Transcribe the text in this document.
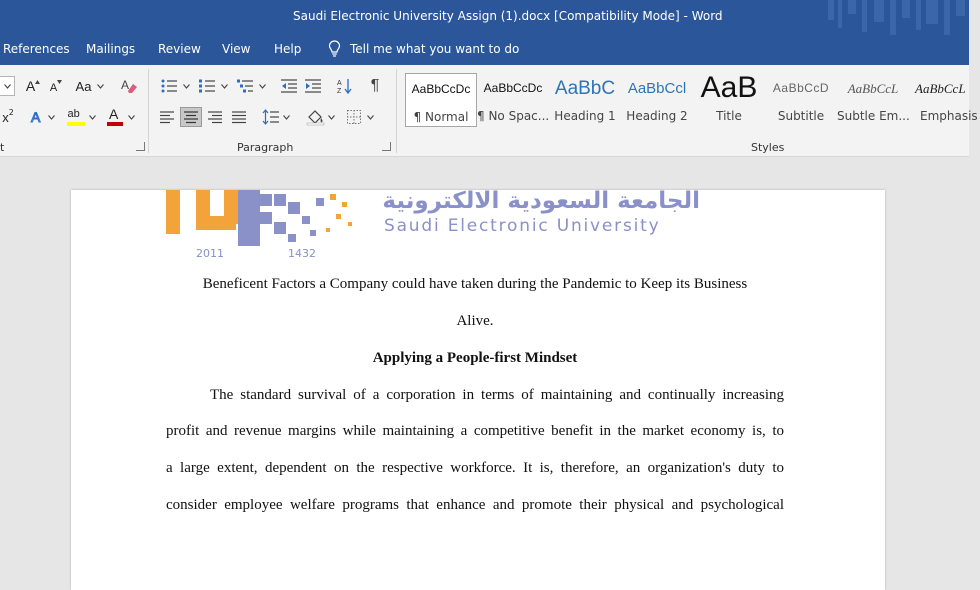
Saudi Electronic University Assign (1).docx [Compatibility Mode] - Word
References Mailings Review View Help	Tell me what you want to do
A A Aa A
x 2 A ab A
t
A
Z ¶
Paragraph
AaBbCcDc
¶ Normal
AaBbCcDc
¶ No Spac...
AaBbC
Heading 1
AaBbCcl
Heading 2
AaB
Title
AaBbCcD
Subtitle
AaBbCcL
Subtle Em...
AaBbCcL
Emphasis
Styles
2011	1432
الجامعة السعودية الالكترونية
Saudi Electronic University
Beneficent Factors a Company could have taken during the Pandemic to Keep its Business
Alive.
Applying a People-first Mindset
The standard survival of a corporation in terms of maintaining and continually increasing
profit and revenue margins while maintaining a competitive benefit in the market economy is, to
a large extent, dependent on the respective workforce. It is, therefore, an organization's duty to
consider employee welfare programs that enhance and promote their physical and psychological
